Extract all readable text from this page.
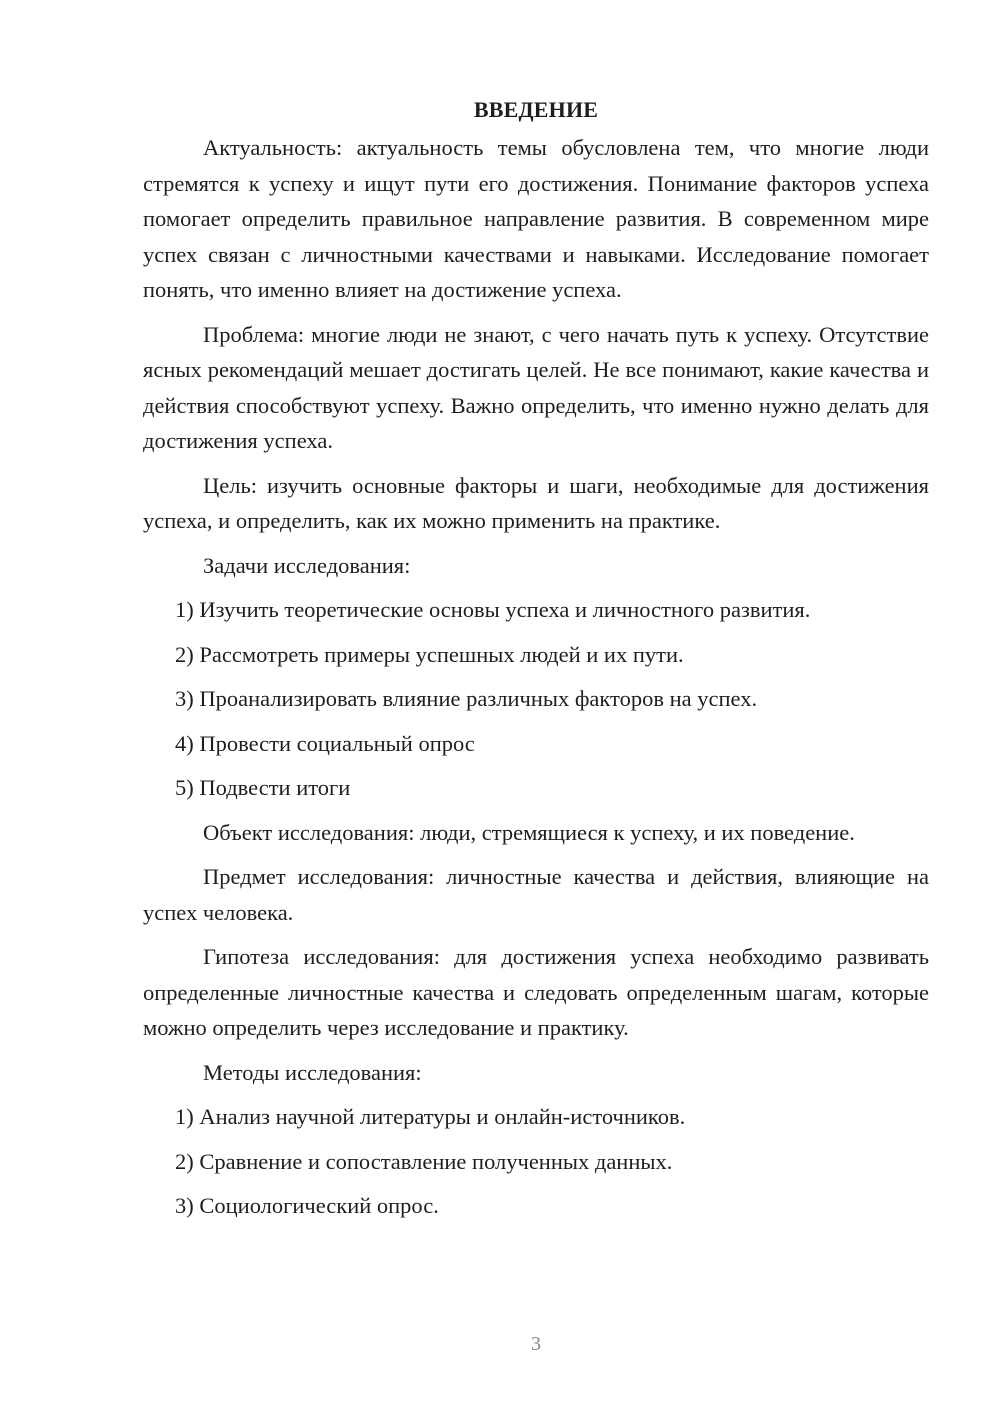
ВВЕДЕНИЕ

Актуальность: актуальность темы обусловлена тем, что многие люди стремятся к успеху и ищут пути его достижения. Понимание факторов успеха помогает определить правильное направление развития. В современном мире успех связан с личностными качествами и навыками. Исследование помогает понять, что именно влияет на достижение успеха.

Проблема: многие люди не знают, с чего начать путь к успеху. Отсутствие ясных рекомендаций мешает достигать целей. Не все понимают, какие качества и действия способствуют успеху. Важно определить, что именно нужно делать для достижения успеха.

Цель: изучить основные факторы и шаги, необходимые для достижения успеха, и определить, как их можно применить на практике.

Задачи исследования:

1) Изучить теоретические основы успеха и личностного развития.

2) Рассмотреть примеры успешных людей и их пути.

3) Проанализировать влияние различных факторов на успех.

4) Провести социальный опрос

5) Подвести итоги

Объект исследования: люди, стремящиеся к успеху, и их поведение.

Предмет исследования: личностные качества и действия, влияющие на успех человека.

Гипотеза исследования: для достижения успеха необходимо развивать определенные личностные качества и следовать определенным шагам, которые можно определить через исследование и практику.

Методы исследования:

1) Анализ научной литературы и онлайн-источников.

2) Сравнение и сопоставление полученных данных.

3) Социологический опрос.

3
